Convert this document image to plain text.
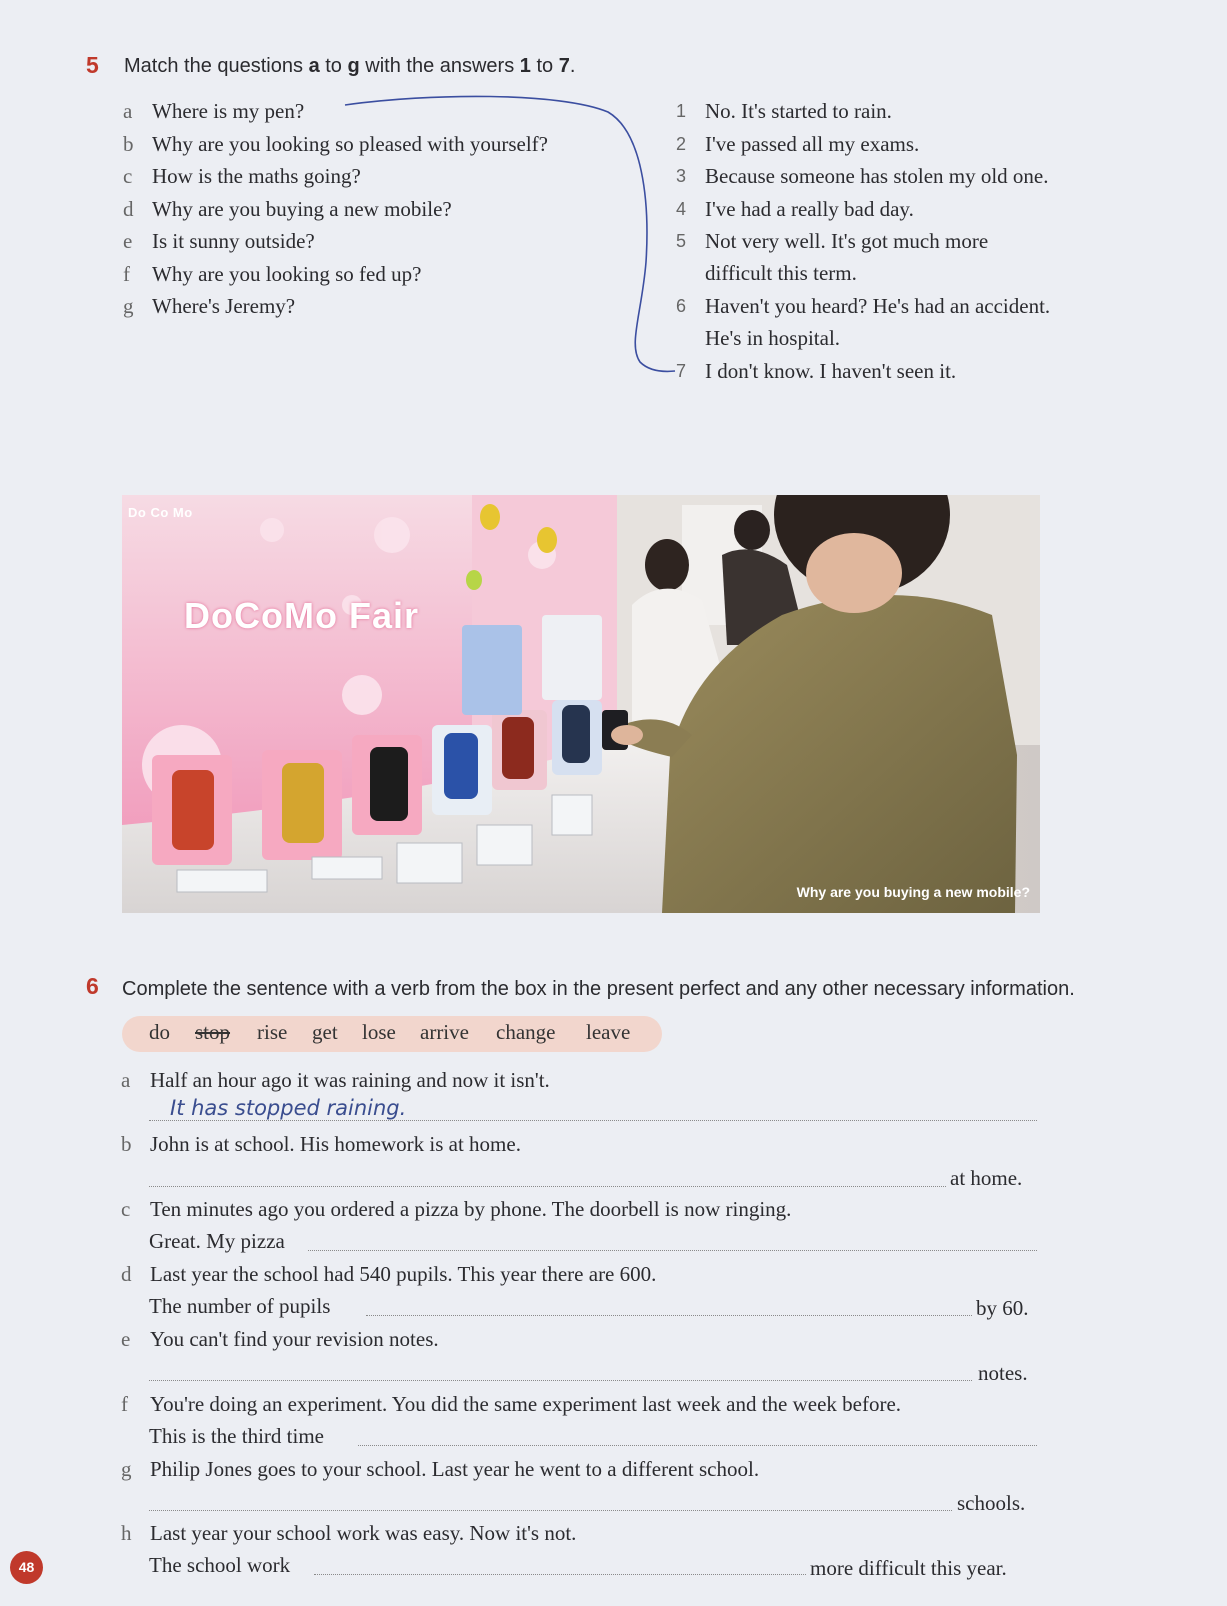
5 Match the questions a to g with the answers 1 to 7.
a Where is my pen?
b Why are you looking so pleased with yourself?
c How is the maths going?
d Why are you buying a new mobile?
e Is it sunny outside?
f	Why are you looking so fed up?
g Where's Jeremy?
1 No. It's started to rain.
2 I've passed all my exams.
3 Because someone has stolen my old one.
4 I've had a really bad day.
5 Not very well. It's got much more
difficult this term.
6 Haven't you heard? He's had an accident.
He's in hospital.
7 I don't know. I haven't seen it.
Do Co Mo
DoCoMo Fair
Why are you buying a new mobile?
6 Complete the sentence with a verb from the box in the present perfect and any other necessary information.
do stop rise get lose arrive change leave
a Half an hour ago it was raining and now it isn't.
It has stopped raining.
b John is at school. His homework is at home.
at home.
c Ten minutes ago you ordered a pizza by phone. The doorbell is now ringing.
Great. My pizza
d Last year the school had 540 pupils. This year there are 600.
The number of pupils	by 60.
e You can't find your revision notes.
notes.
f	You're doing an experiment. You did the same experiment last week and the week before.
This is the third time
g Philip Jones goes to your school. Last year he went to a different school.
schools.
h Last year your school work was easy. Now it's not.
The school work	more difficult this year.
48
